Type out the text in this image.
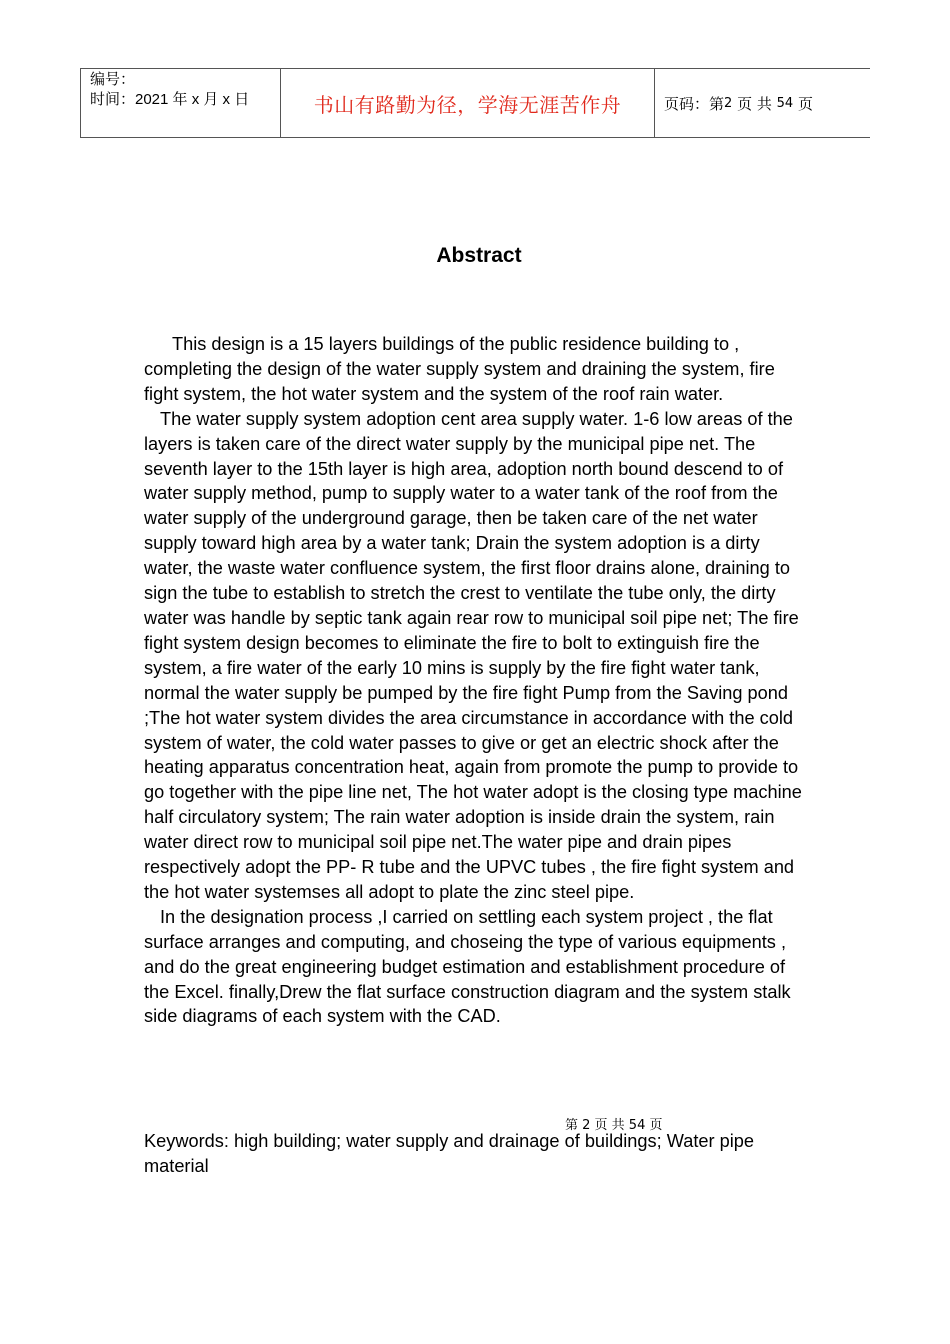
编号：
时间：2021 年 x 月 x 日	书山有路勤为径，学海无涯苦作舟	页码：第 2
页 共
54
页
Abstract

This design is a 15 layers buildings of the public residence building to , completing the design of the water supply system and draining the system, fire fight system, the hot water system and the system of the roof rain water.

The water supply system adoption cent area supply water. 1-6 low areas of the layers is taken care of the direct water supply by the municipal pipe net. The seventh layer to the 15th layer is high area, adoption north bound descend to of water supply method, pump to supply water to a water tank of the roof from the water supply of the underground garage, then be taken care of the net water supply toward high area by a water tank; Drain the system adoption is a dirty water, the waste water confluence system, the first floor drains alone, draining to sign the tube to establish to stretch the crest to ventilate the tube only, the dirty water was handle by septic tank again rear row to municipal soil pipe net; The fire fight system design becomes to eliminate the fire to bolt to extinguish fire the system, a fire water of the early 10 mins is supply by the fire fight water tank, normal the water supply be pumped by the fire fight Pump from the Saving pond ;The hot water system divides the area circumstance in accordance with the cold system of water, the cold water passes to give or get an electric shock after the heating apparatus concentration heat, again from promote the pump to provide to go together with the pipe line net, The hot water adopt is the closing type machine half circulatory system; The rain water adoption is inside drain the system, rain water direct row to municipal soil pipe net.The water pipe and drain pipes respectively adopt the PP- R tube and the UPVC tubes , the fire fight system and the hot water systemses all adopt to plate the zinc steel pipe.

In the designation process ,I carried on settling each system project , the flat surface arranges and computing, and choseing the type of various equipments , and do the great engineering budget estimation and establishment procedure of the Excel. finally,Drew the flat surface construction diagram and the system stalk side diagrams of each system with the CAD.

第 2 页 共 54 页
Keywords: high building; water supply and drainage of buildings; Water pipe material
